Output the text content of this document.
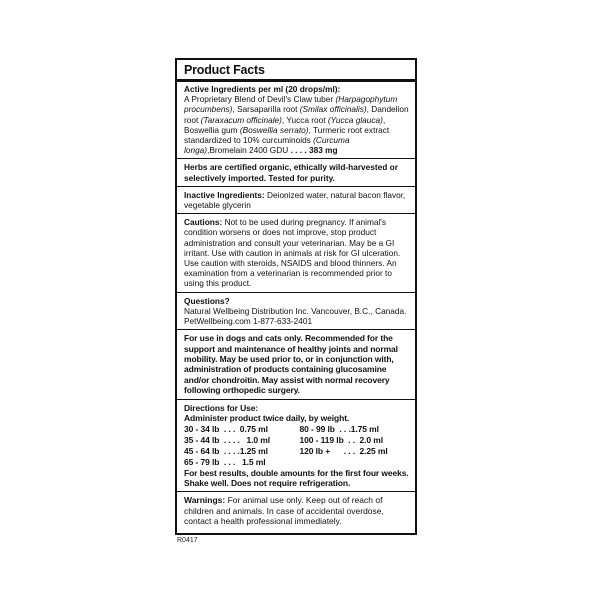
Product Facts
Active Ingredients per ml (20 drops/ml):
A Proprietary Blend of Devil's Claw tuber (Harpagophytum procumbens), Sarsaparilla root (Smilax officinalis), Dandelion root (Taraxacum officinale), Yucca root (Yucca glauca), Boswellia gum (Boswellia serrato), Turmeric root extract standardized to 10% curcuminoids (Curcuma longa),Bromelain 2400 GDU . . . . 383 mg
Herbs are certified organic, ethically wild-harvested or selectively imported. Tested for purity.
Inactive Ingredients: Deionized water, natural bacon flavor, vegetable glycerin
Cautions: Not to be used during pregnancy. If animal's condition worsens or does not improve, stop product administration and consult your veterinarian. May be a GI irritant. Use with caution in animals at risk for GI ulceration. Use caution with steroids, NSAIDS and blood thinners. An examination from a veterinarian is recommended prior to using this product.
Questions?
Natural Wellbeing Distribution Inc. Vancouver, B.C., Canada.
PetWellbeing.com 1-877-633-2401
For use in dogs and cats only. Recommended for the support and maintenance of healthy joints and normal mobility. May be used prior to, or in conjunction with, administration of products containing glucosamine and/or chondroitin. May assist with normal recovery following orthopedic surgery.
Directions for Use:
Administer product twice daily, by weight.
30 - 34 lb  . . .  0.75 ml	80 - 99 lb  . . .1.75 ml
35 - 44 lb  . . . .   1.0 ml	100 - 119 lb  . .  2.0 ml
45 - 64 lb  . . . .1.25 ml	120 lb +      . . .  2.25 ml
65 - 79 lb  . . .   1.5 ml
For best results, double amounts for the first four weeks. Shake well. Does not require refrigeration.
Warnings: For animal use only. Keep out of reach of children and animals. In case of accidental overdose, contact a health professional immediately.
R0417
